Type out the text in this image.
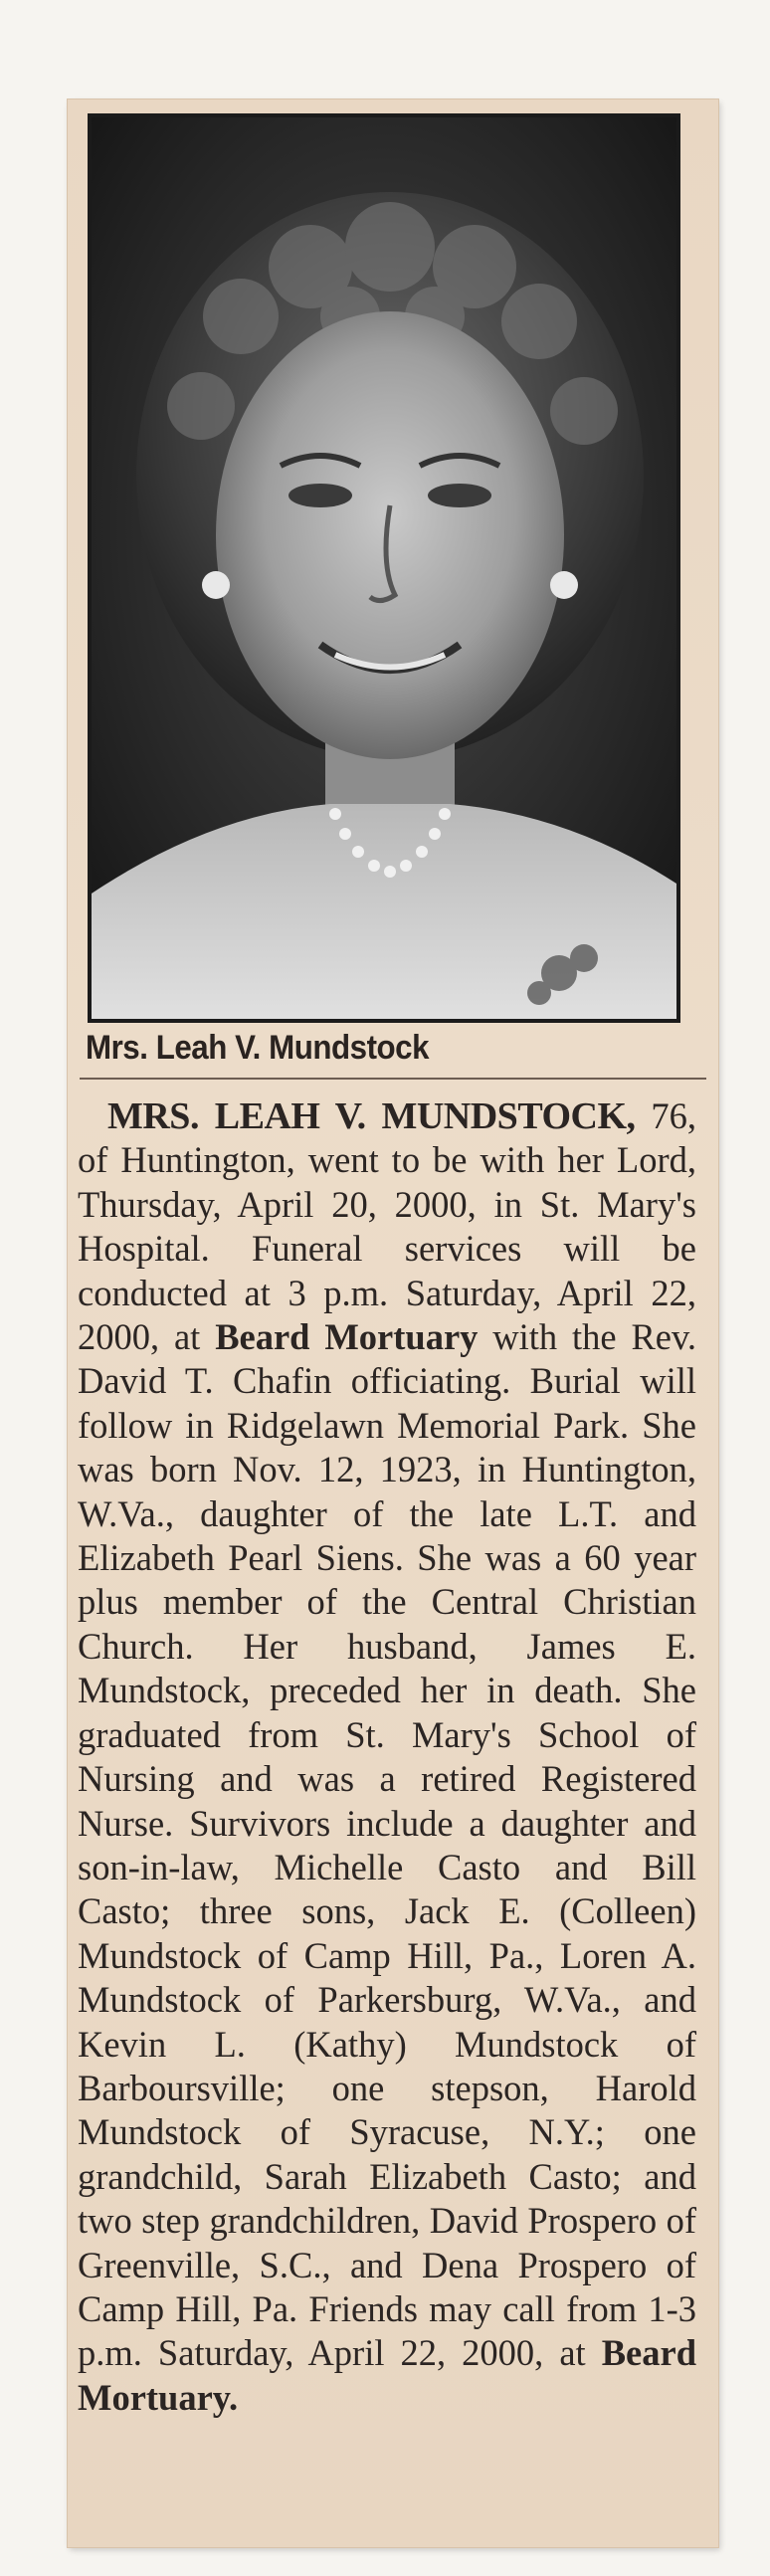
Mrs. Leah V. Mundstock
MRS. LEAH V. MUNDSTOCK, 76, of Huntington, went to be with her Lord, Thursday, April 20, 2000, in St. Mary's Hospital. Funeral services will be conducted at 3 p.m. Saturday, April 22, 2000, at Beard Mortuary with the Rev. David T. Chafin officiating. Burial will follow in Ridgelawn Memorial Park. She was born Nov. 12, 1923, in Huntington, W.Va., daughter of the late L.T. and Elizabeth Pearl Siens. She was a 60 year plus member of the Central Christian Church. Her husband, James E. Mundstock, preceded her in death. She graduated from St. Mary's School of Nursing and was a retired Registered Nurse. Survivors include a daughter and son-in-law, Michelle Casto and Bill Casto; three sons, Jack E. (Colleen) Mundstock of Camp Hill, Pa., Loren A. Mundstock of Parkersburg, W.Va., and Kevin L. (Kathy) Mundstock of Barboursville; one stepson, Harold Mundstock of Syracuse, N.Y.; one grandchild, Sarah Elizabeth Casto; and two step grandchildren, David Prospero of Greenville, S.C., and Dena Prospero of Camp Hill, Pa. Friends may call from 1-3 p.m. Saturday, April 22, 2000, at Beard Mortuary.
